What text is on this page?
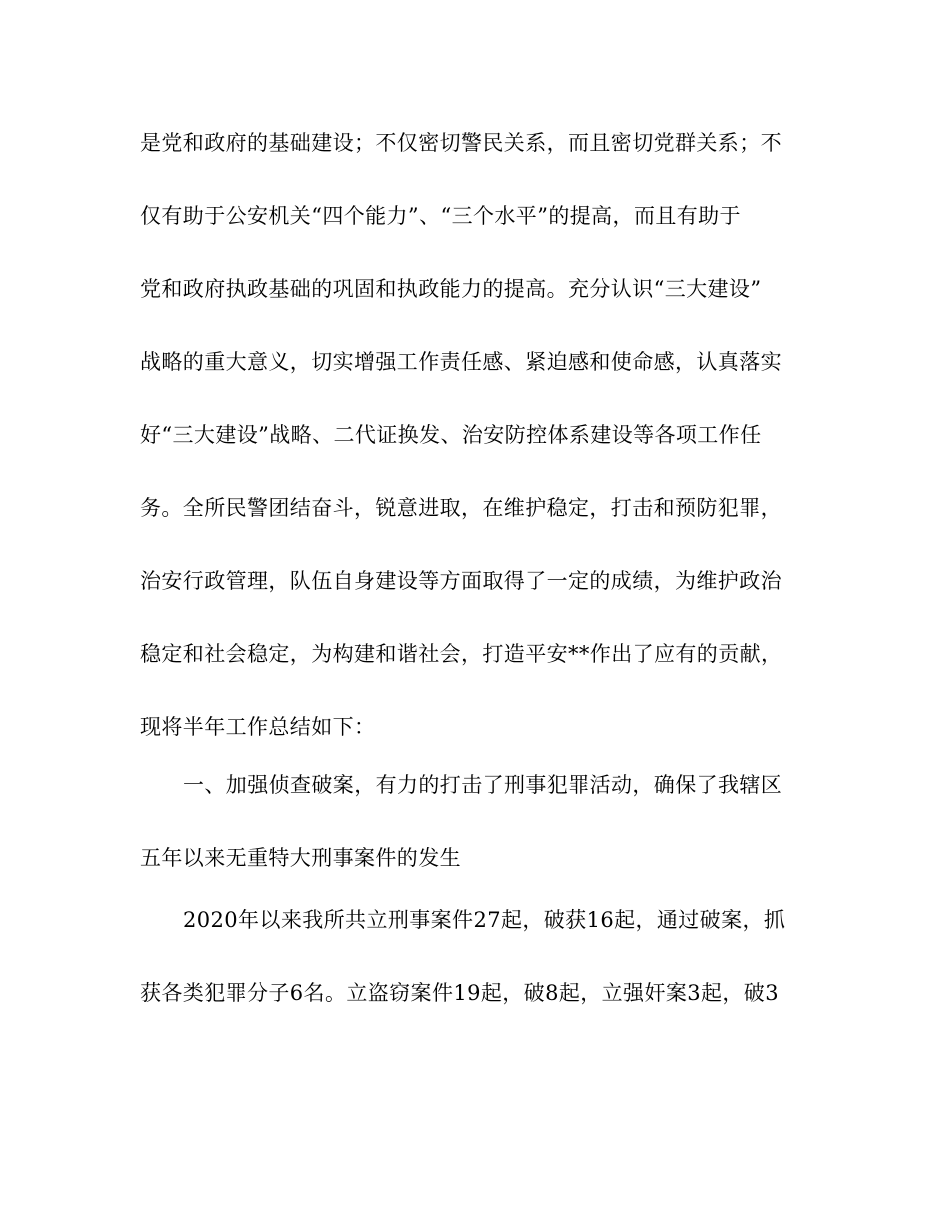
是党和政府的基础建设；不仅密切警民关系，而且密切党群关系；不
仅有助于公安机关“四个能力”、“三个水平”的提高，而且有助于
党和政府执政基础的巩固和执政能力的提高。充分认识“三大建设”
战略的重大意义，切实增强工作责任感、紧迫感和使命感，认真落实
好“三大建设”战略、二代证换发、治安防控体系建设等各项工作任
务。全所民警团结奋斗，锐意进取，在维护稳定，打击和预防犯罪，
治安行政管理，队伍自身建设等方面取得了一定的成绩，为维护政治
稳定和社会稳定，为构建和谐社会，打造平安**作出了应有的贡献，
现将半年工作总结如下：
一、加强侦查破案，有力的打击了刑事犯罪活动，确保了我辖区
五年以来无重特大刑事案件的发生
2020年以来我所共立刑事案件27起，破获16起，通过破案，抓
获各类犯罪分子6名。立盗窃案件19起，破8起，立强奸案3起，破3
